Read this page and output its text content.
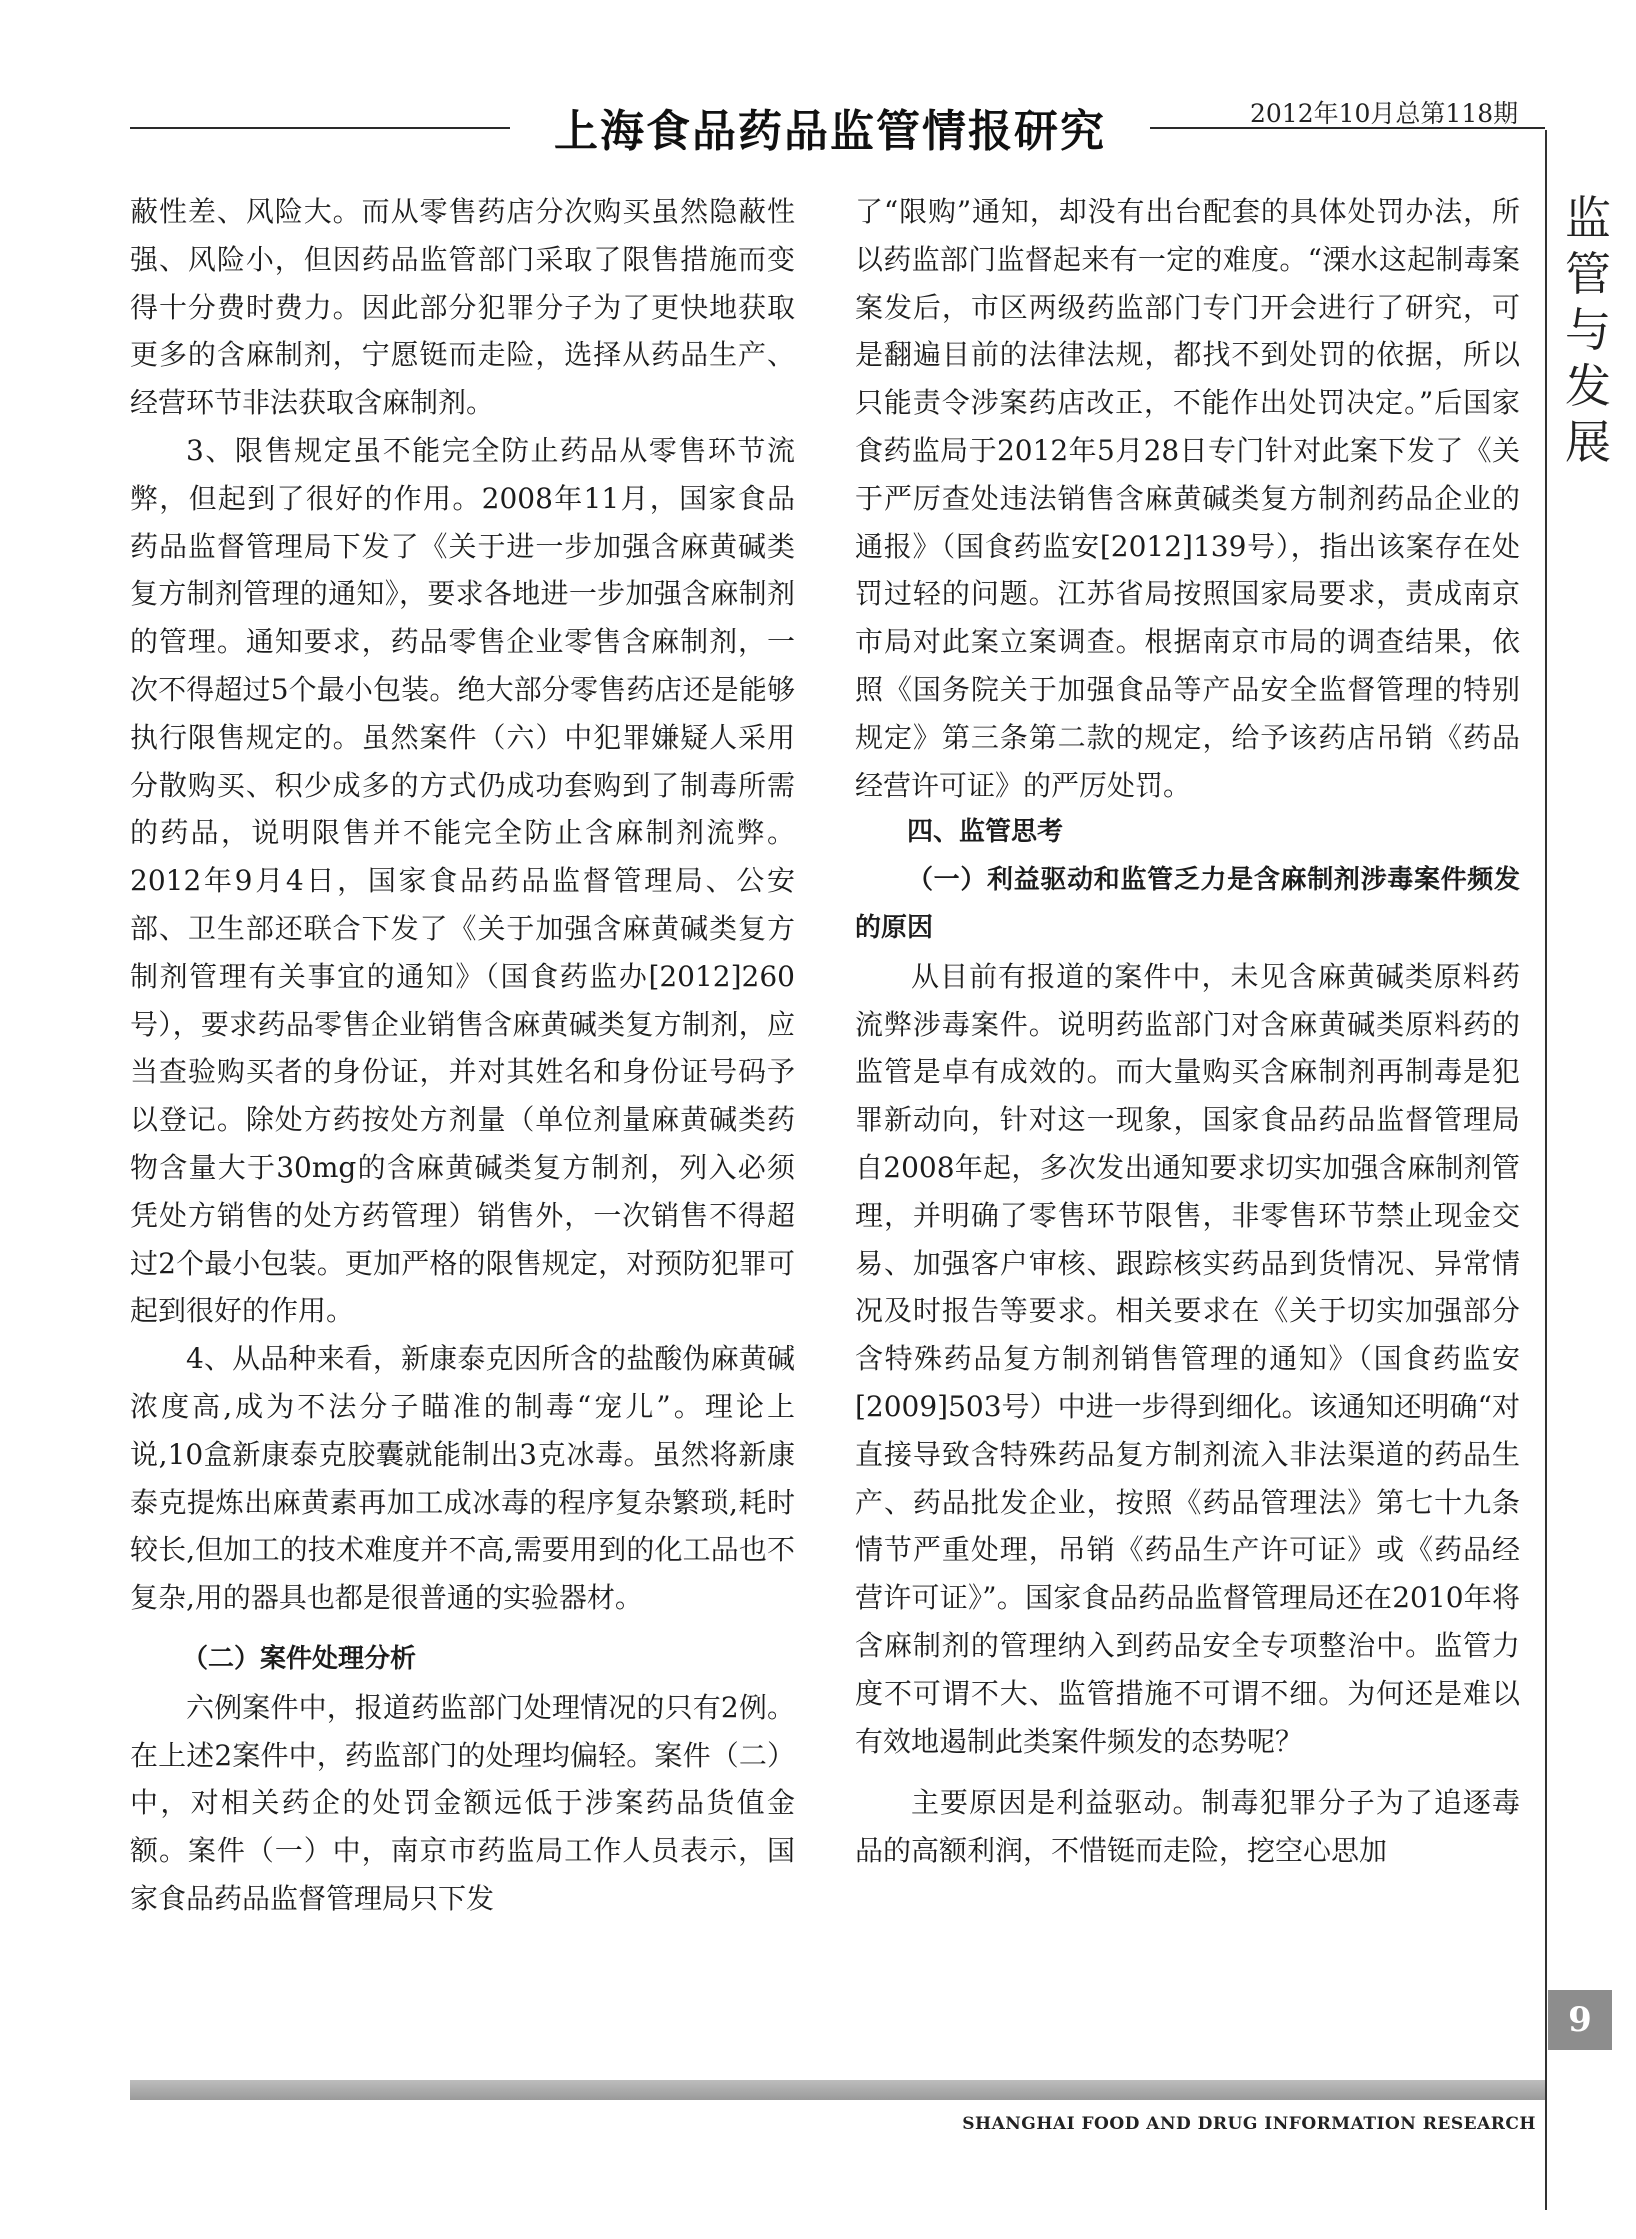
上海食品药品监管情报研究	2012年10月总第118期

蔽性差、风险大。而从零售药店分次购买虽然隐蔽性强、风险小，但因药品监管部门采取了限售措施而变得十分费时费力。因此部分犯罪分子为了更快地获取更多的含麻制剂，宁愿铤而走险，选择从药品生产、经营环节非法获取含麻制剂。

3、限售规定虽不能完全防止药品从零售环节流弊，但起到了很好的作用。2008年11月，国家食品药品监督管理局下发了《关于进一步加强含麻黄碱类复方制剂管理的通知》，要求各地进一步加强含麻制剂的管理。通知要求，药品零售企业零售含麻制剂，一次不得超过5个最小包装。绝大部分零售药店还是能够执行限售规定的。虽然案件（六）中犯罪嫌疑人采用分散购买、积少成多的方式仍成功套购到了制毒所需的药品，说明限售并不能完全防止含麻制剂流弊。2012年9月4日，国家食品药品监督管理局、公安部、卫生部还联合下发了《关于加强含麻黄碱类复方制剂管理有关事宜的通知》（国食药监办[2012]260号），要求药品零售企业销售含麻黄碱类复方制剂，应当查验购买者的身份证，并对其姓名和身份证号码予以登记。除处方药按处方剂量（单位剂量麻黄碱类药物含量大于30mg的含麻黄碱类复方制剂，列入必须凭处方销售的处方药管理）销售外，一次销售不得超过2个最小包装。更加严格的限售规定，对预防犯罪可起到很好的作用。

4、从品种来看，新康泰克因所含的盐酸伪麻黄碱浓度高,成为不法分子瞄准的制毒“宠儿”。理论上说,10盒新康泰克胶囊就能制出3克冰毒。虽然将新康泰克提炼出麻黄素再加工成冰毒的程序复杂繁琐,耗时较长,但加工的技术难度并不高,需要用到的化工品也不复杂,用的器具也都是很普通的实验器材。

（二）案件处理分析

六例案件中，报道药监部门处理情况的只有2例。在上述2案件中，药监部门的处理均偏轻。案件（二）中，对相关药企的处罚金额远低于涉案药品货值金额。案件（一）中，南京市药监局工作人员表示，国家食品药品监督管理局只下发

了“限购”通知，却没有出台配套的具体处罚办法，所以药监部门监督起来有一定的难度。“溧水这起制毒案案发后，市区两级药监部门专门开会进行了研究，可是翻遍目前的法律法规，都找不到处罚的依据，所以只能责令涉案药店改正，不能作出处罚决定。”后国家食药监局于2012年5月28日专门针对此案下发了《关于严厉查处违法销售含麻黄碱类复方制剂药品企业的通报》（国食药监安[2012]139号），指出该案存在处罚过轻的问题。江苏省局按照国家局要求，责成南京市局对此案立案调查。根据南京市局的调查结果，依照《国务院关于加强食品等产品安全监督管理的特别规定》第三条第二款的规定，给予该药店吊销《药品经营许可证》的严厉处罚。

四、监管思考

（一）利益驱动和监管乏力是含麻制剂涉毒案件频发的原因

从目前有报道的案件中，未见含麻黄碱类原料药流弊涉毒案件。说明药监部门对含麻黄碱类原料药的监管是卓有成效的。而大量购买含麻制剂再制毒是犯罪新动向，针对这一现象，国家食品药品监督管理局自2008年起，多次发出通知要求切实加强含麻制剂管理，并明确了零售环节限售，非零售环节禁止现金交易、加强客户审核、跟踪核实药品到货情况、异常情况及时报告等要求。相关要求在《关于切实加强部分含特殊药品复方制剂销售管理的通知》（国食药监安[2009]503号）中进一步得到细化。该通知还明确“对直接导致含特殊药品复方制剂流入非法渠道的药品生产、药品批发企业，按照《药品管理法》第七十九条情节严重处理，吊销《药品生产许可证》或《药品经营许可证》”。国家食品药品监督管理局还在2010年将含麻制剂的管理纳入到药品安全专项整治中。监管力度不可谓不大、监管措施不可谓不细。为何还是难以有效地遏制此类案件频发的态势呢？

主要原因是利益驱动。制毒犯罪分子为了追逐毒品的高额利润，不惜铤而走险，挖空心思加

监管与发展
9
SHANGHAI FOOD AND DRUG INFORMATION RESEARCH
